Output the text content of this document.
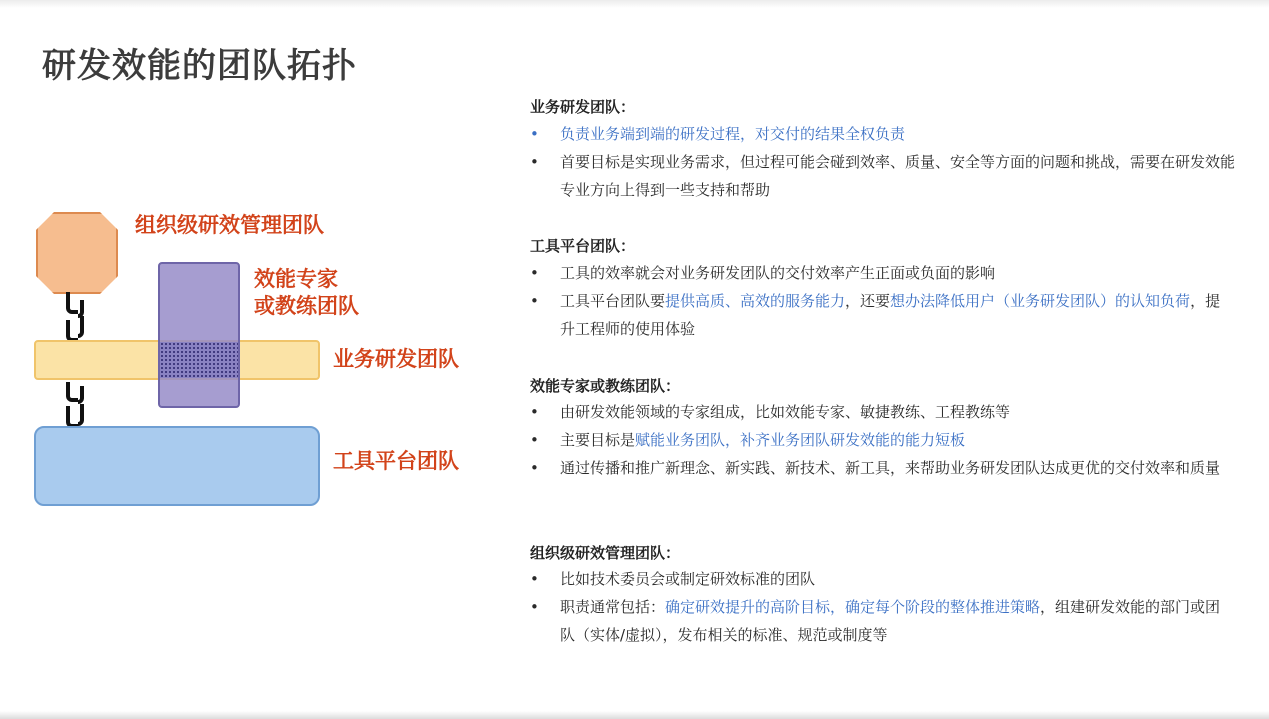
研发效能的团队拓扑
组织级研效管理团队
效能专家
或教练团队
业务研发团队
工具平台团队
业务研发团队：
•	负责业务端到端的研发过程，对交付的结果全权负责
•	首要目标是实现业务需求，但过程可能会碰到效率、质量、安全等方面的问题和挑战，需要在研发效能专业方向上得到一些支持和帮助
工具平台团队：
•	工具的效率就会对业务研发团队的交付效率产生正面或负面的影响
•	工具平台团队要提供高质、高效的服务能力，还要想办法降低用户（业务研发团队）的认知负荷，提升工程师的使用体验
效能专家或教练团队：
•	由研发效能领域的专家组成，比如效能专家、敏捷教练、工程教练等
•	主要目标是赋能业务团队，补齐业务团队研发效能的能力短板
•	通过传播和推广新理念、新实践、新技术、新工具，来帮助业务研发团队达成更优的交付效率和质量
组织级研效管理团队：
•	比如技术委员会或制定研效标准的团队
•	职责通常包括：确定研效提升的高阶目标，确定每个阶段的整体推进策略，组建研发效能的部门或团队（实体/虚拟），发布相关的标准、规范或制度等
